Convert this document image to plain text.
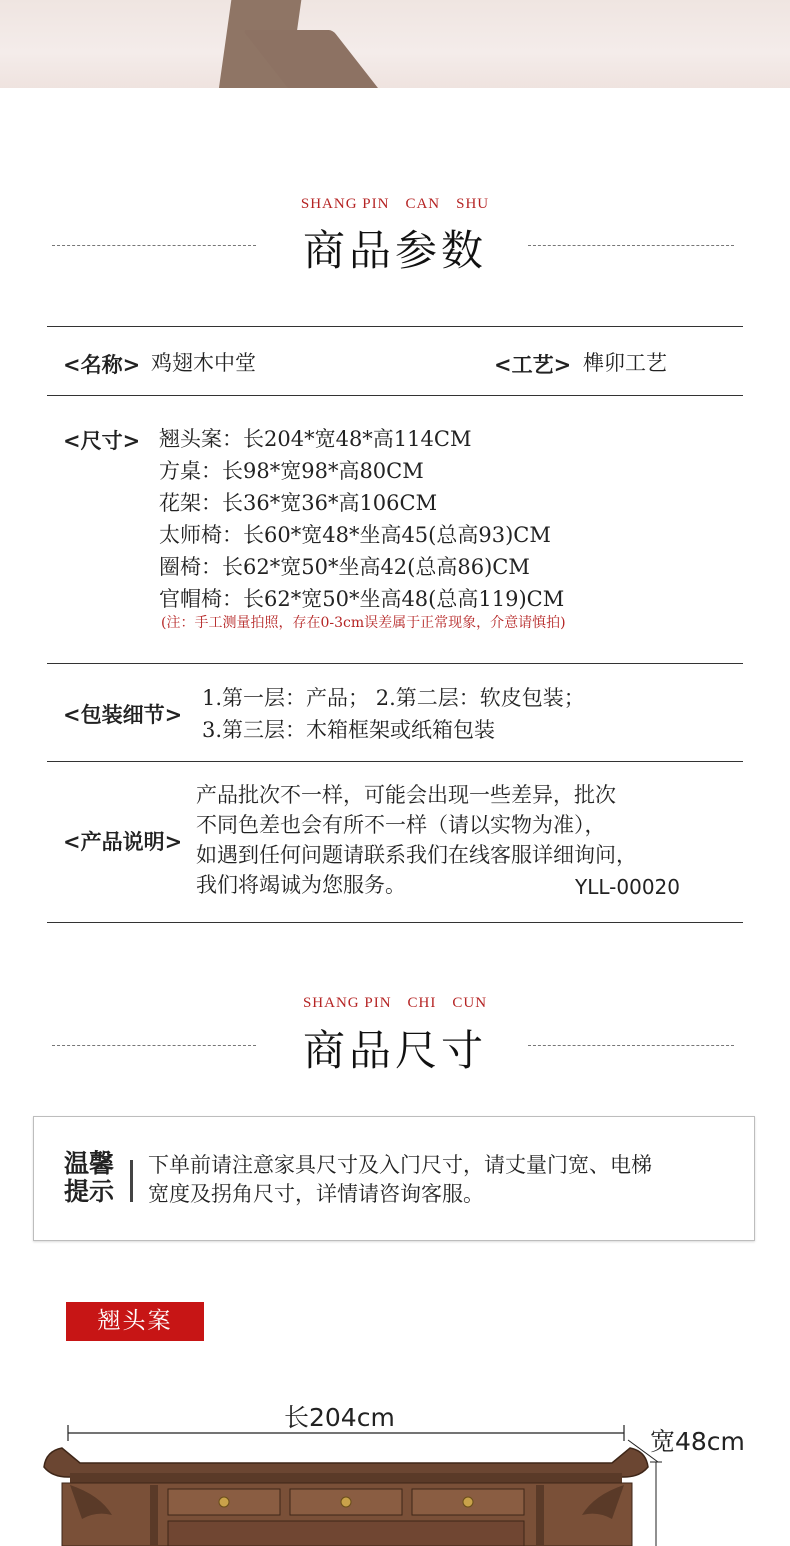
SHANG PIN CAN SHU
商品参数
<名称> 鸡翅木中堂	<工艺> 榫卯工艺
<尺寸> 翘头案：长204*宽48*高114CM
方桌：长98*宽98*高80CM
花架：长36*宽36*高106CM
太师椅：长60*宽48*坐高45(总高93)CM
圈椅：长62*宽50*坐高42(总高86)CM
官帽椅：长62*宽50*坐高48(总高119)CM
(注：手工测量拍照，存在0-3cm误差属于正常现象，介意请慎拍)
<包装细节>
1.第一层：产品； 2.第二层：软皮包装；
3.第三层：木箱框架或纸箱包装
<产品说明>
产品批次不一样，可能会出现一些差异，批次
不同色差也会有所不一样（请以实物为准），
如遇到任何问题请联系我们在线客服详细询问，
我们将竭诚为您服务。	YLL-00020
SHANG PIN CHI CUN
商品尺寸
温馨
提示
下单前请注意家具尺寸及入门尺寸，请丈量门宽、电梯
宽度及拐角尺寸，详情请咨询客服。
翘头案
长204cm
宽48cm
